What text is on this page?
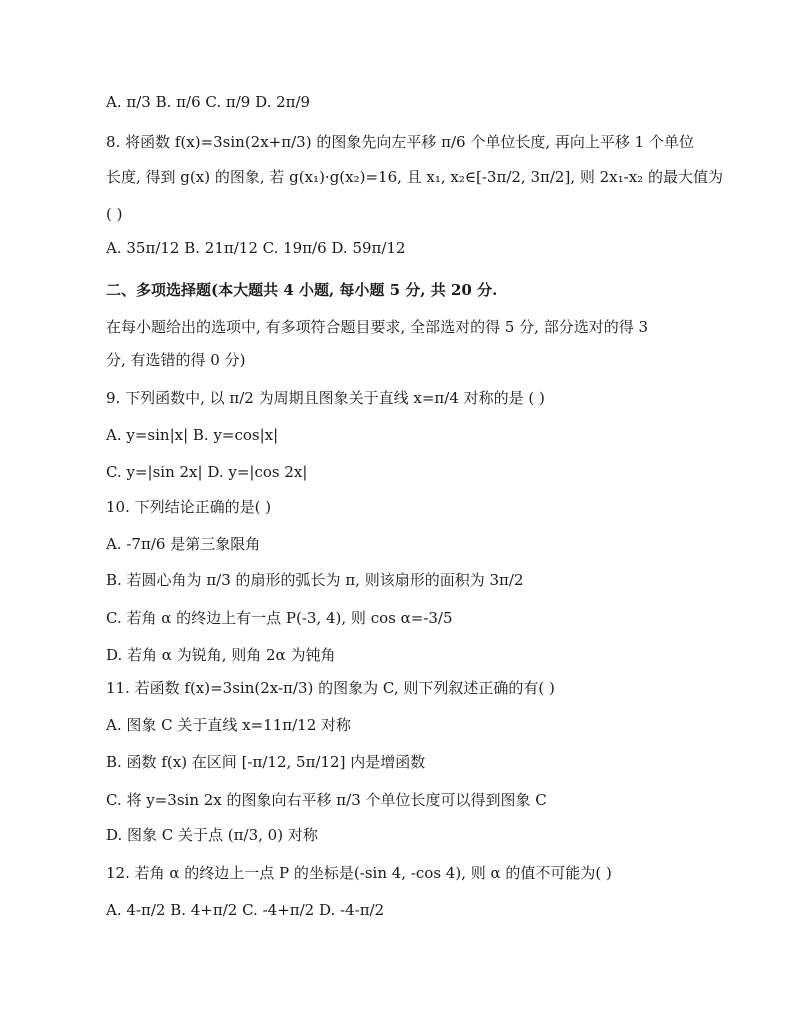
A. π/3 B. π/6 C. π/9 D. 2π/9
8. 将函数 f(x)=3sin(2x+π/3) 的图象先向左平移 π/6 个单位长度, 再向上平移 1 个单位
长度, 得到 g(x) 的图象, 若 g(x₁)·g(x₂)=16, 且 x₁, x₂∈[-3π/2, 3π/2], 则 2x₁-x₂ 的最大值为
( )
A. 35π/12 B. 21π/12 C. 19π/6 D. 59π/12
二、多项选择题(本大题共 4 小题, 每小题 5 分, 共 20 分.
在每小题给出的选项中, 有多项符合题目要求, 全部选对的得 5 分, 部分选对的得 3
分, 有选错的得 0 分)
9. 下列函数中, 以 π/2 为周期且图象关于直线 x=π/4 对称的是 ( )
A. y=sin|x| B. y=cos|x|
C. y=|sin 2x| D. y=|cos 2x|
10. 下列结论正确的是( )
A. -7π/6 是第三象限角
B. 若圆心角为 π/3 的扇形的弧长为 π, 则该扇形的面积为 3π/2
C. 若角 α 的终边上有一点 P(-3, 4), 则 cos α=-3/5
D. 若角 α 为锐角, 则角 2α 为钝角
11. 若函数 f(x)=3sin(2x-π/3) 的图象为 C, 则下列叙述正确的有( )
A. 图象 C 关于直线 x=11π/12 对称
B. 函数 f(x) 在区间 [-π/12, 5π/12] 内是增函数
C. 将 y=3sin 2x 的图象向右平移 π/3 个单位长度可以得到图象 C
D. 图象 C 关于点 (π/3, 0) 对称
12. 若角 α 的终边上一点 P 的坐标是(-sin 4, -cos 4), 则 α 的值不可能为( )
A. 4-π/2 B. 4+π/2 C. -4+π/2 D. -4-π/2
